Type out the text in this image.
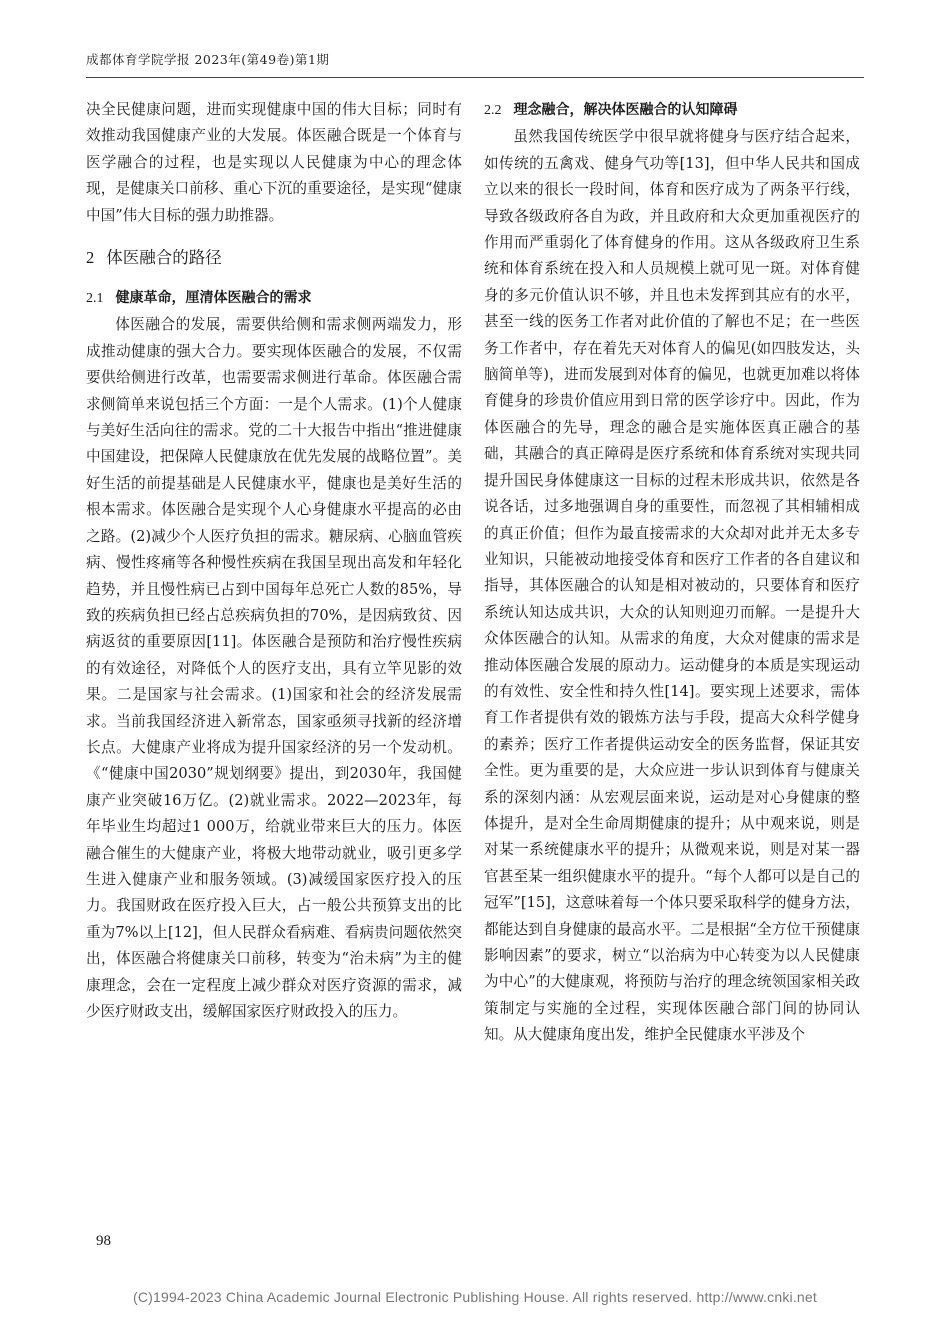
成都体育学院学报 2023年(第49卷)第1期

决全民健康问题，进而实现健康中国的伟大目标；同时有效推动我国健康产业的大发展。体医融合既是一个体育与医学融合的过程，也是实现以人民健康为中心的理念体现，是健康关口前移、重心下沉的重要途径，是实现“健康中国”伟大目标的强力助推器。

2 体医融合的路径
2.1 健康革命，厘清体医融合的需求

体医融合的发展，需要供给侧和需求侧两端发力，形成推动健康的强大合力。要实现体医融合的发展，不仅需要供给侧进行改革，也需要需求侧进行革命。体医融合需求侧简单来说包括三个方面：一是个人需求。(1)个人健康与美好生活向往的需求。党的二十大报告中指出“推进健康中国建设，把保障人民健康放在优先发展的战略位置”。美好生活的前提基础是人民健康水平，健康也是美好生活的根本需求。体医融合是实现个人心身健康水平提高的必由之路。(2)减少个人医疗负担的需求。糖尿病、心脑血管疾病、慢性疼痛等各种慢性疾病在我国呈现出高发和年轻化趋势，并且慢性病已占到中国每年总死亡人数的85%，导致的疾病负担已经占总疾病负担的70%，是因病致贫、因病返贫的重要原因[11]。体医融合是预防和治疗慢性疾病的有效途径，对降低个人的医疗支出，具有立竿见影的效果。二是国家与社会需求。(1)国家和社会的经济发展需求。当前我国经济进入新常态，国家亟须寻找新的经济增长点。大健康产业将成为提升国家经济的另一个发动机。《“健康中国2030”规划纲要》提出，到2030年，我国健康产业突破16万亿。(2)就业需求。2022—2023年，每年毕业生均超过1 000万，给就业带来巨大的压力。体医融合催生的大健康产业，将极大地带动就业，吸引更多学生进入健康产业和服务领域。(3)减缓国家医疗投入的压力。我国财政在医疗投入巨大，占一般公共预算支出的比重为7%以上[12]，但人民群众看病难、看病贵问题依然突出，体医融合将健康关口前移，转变为“治未病”为主的健康理念，会在一定程度上减少群众对医疗资源的需求，减少医疗财政支出，缓解国家医疗财政投入的压力。

2.2 理念融合，解决体医融合的认知障碍

虽然我国传统医学中很早就将健身与医疗结合起来，如传统的五禽戏、健身气功等[13]，但中华人民共和国成立以来的很长一段时间，体育和医疗成为了两条平行线，导致各级政府各自为政，并且政府和大众更加重视医疗的作用而严重弱化了体育健身的作用。这从各级政府卫生系统和体育系统在投入和人员规模上就可见一斑。对体育健身的多元价值认识不够，并且也未发挥到其应有的水平，甚至一线的医务工作者对此价值的了解也不足；在一些医务工作者中，存在着先天对体育人的偏见(如四肢发达，头脑简单等)，进而发展到对体育的偏见，也就更加难以将体育健身的珍贵价值应用到日常的医学诊疗中。因此，作为体医融合的先导，理念的融合是实施体医真正融合的基础，其融合的真正障碍是医疗系统和体育系统对实现共同提升国民身体健康这一目标的过程未形成共识，依然是各说各话，过多地强调自身的重要性，而忽视了其相辅相成的真正价值；但作为最直接需求的大众却对此并无太多专业知识，只能被动地接受体育和医疗工作者的各自建议和指导，其体医融合的认知是相对被动的，只要体育和医疗系统认知达成共识，大众的认知则迎刃而解。一是提升大众体医融合的认知。从需求的角度，大众对健康的需求是推动体医融合发展的原动力。运动健身的本质是实现运动的有效性、安全性和持久性[14]。要实现上述要求，需体育工作者提供有效的锻炼方法与手段，提高大众科学健身的素养；医疗工作者提供运动安全的医务监督，保证其安全性。更为重要的是，大众应进一步认识到体育与健康关系的深刻内涵：从宏观层面来说，运动是对心身健康的整体提升，是对全生命周期健康的提升；从中观来说，则是对某一系统健康水平的提升；从微观来说，则是对某一器官甚至某一组织健康水平的提升。“每个人都可以是自己的冠军”[15]，这意味着每一个体只要采取科学的健身方法，都能达到自身健康的最高水平。二是根据“全方位干预健康影响因素”的要求，树立“以治病为中心转变为以人民健康为中心”的大健康观，将预防与治疗的理念统领国家相关政策制定与实施的全过程，实现体医融合部门间的协同认知。从大健康角度出发，维护全民健康水平涉及个

98
(C)1994-2023 China Academic Journal Electronic Publishing House. All rights reserved. http://www.cnki.net
